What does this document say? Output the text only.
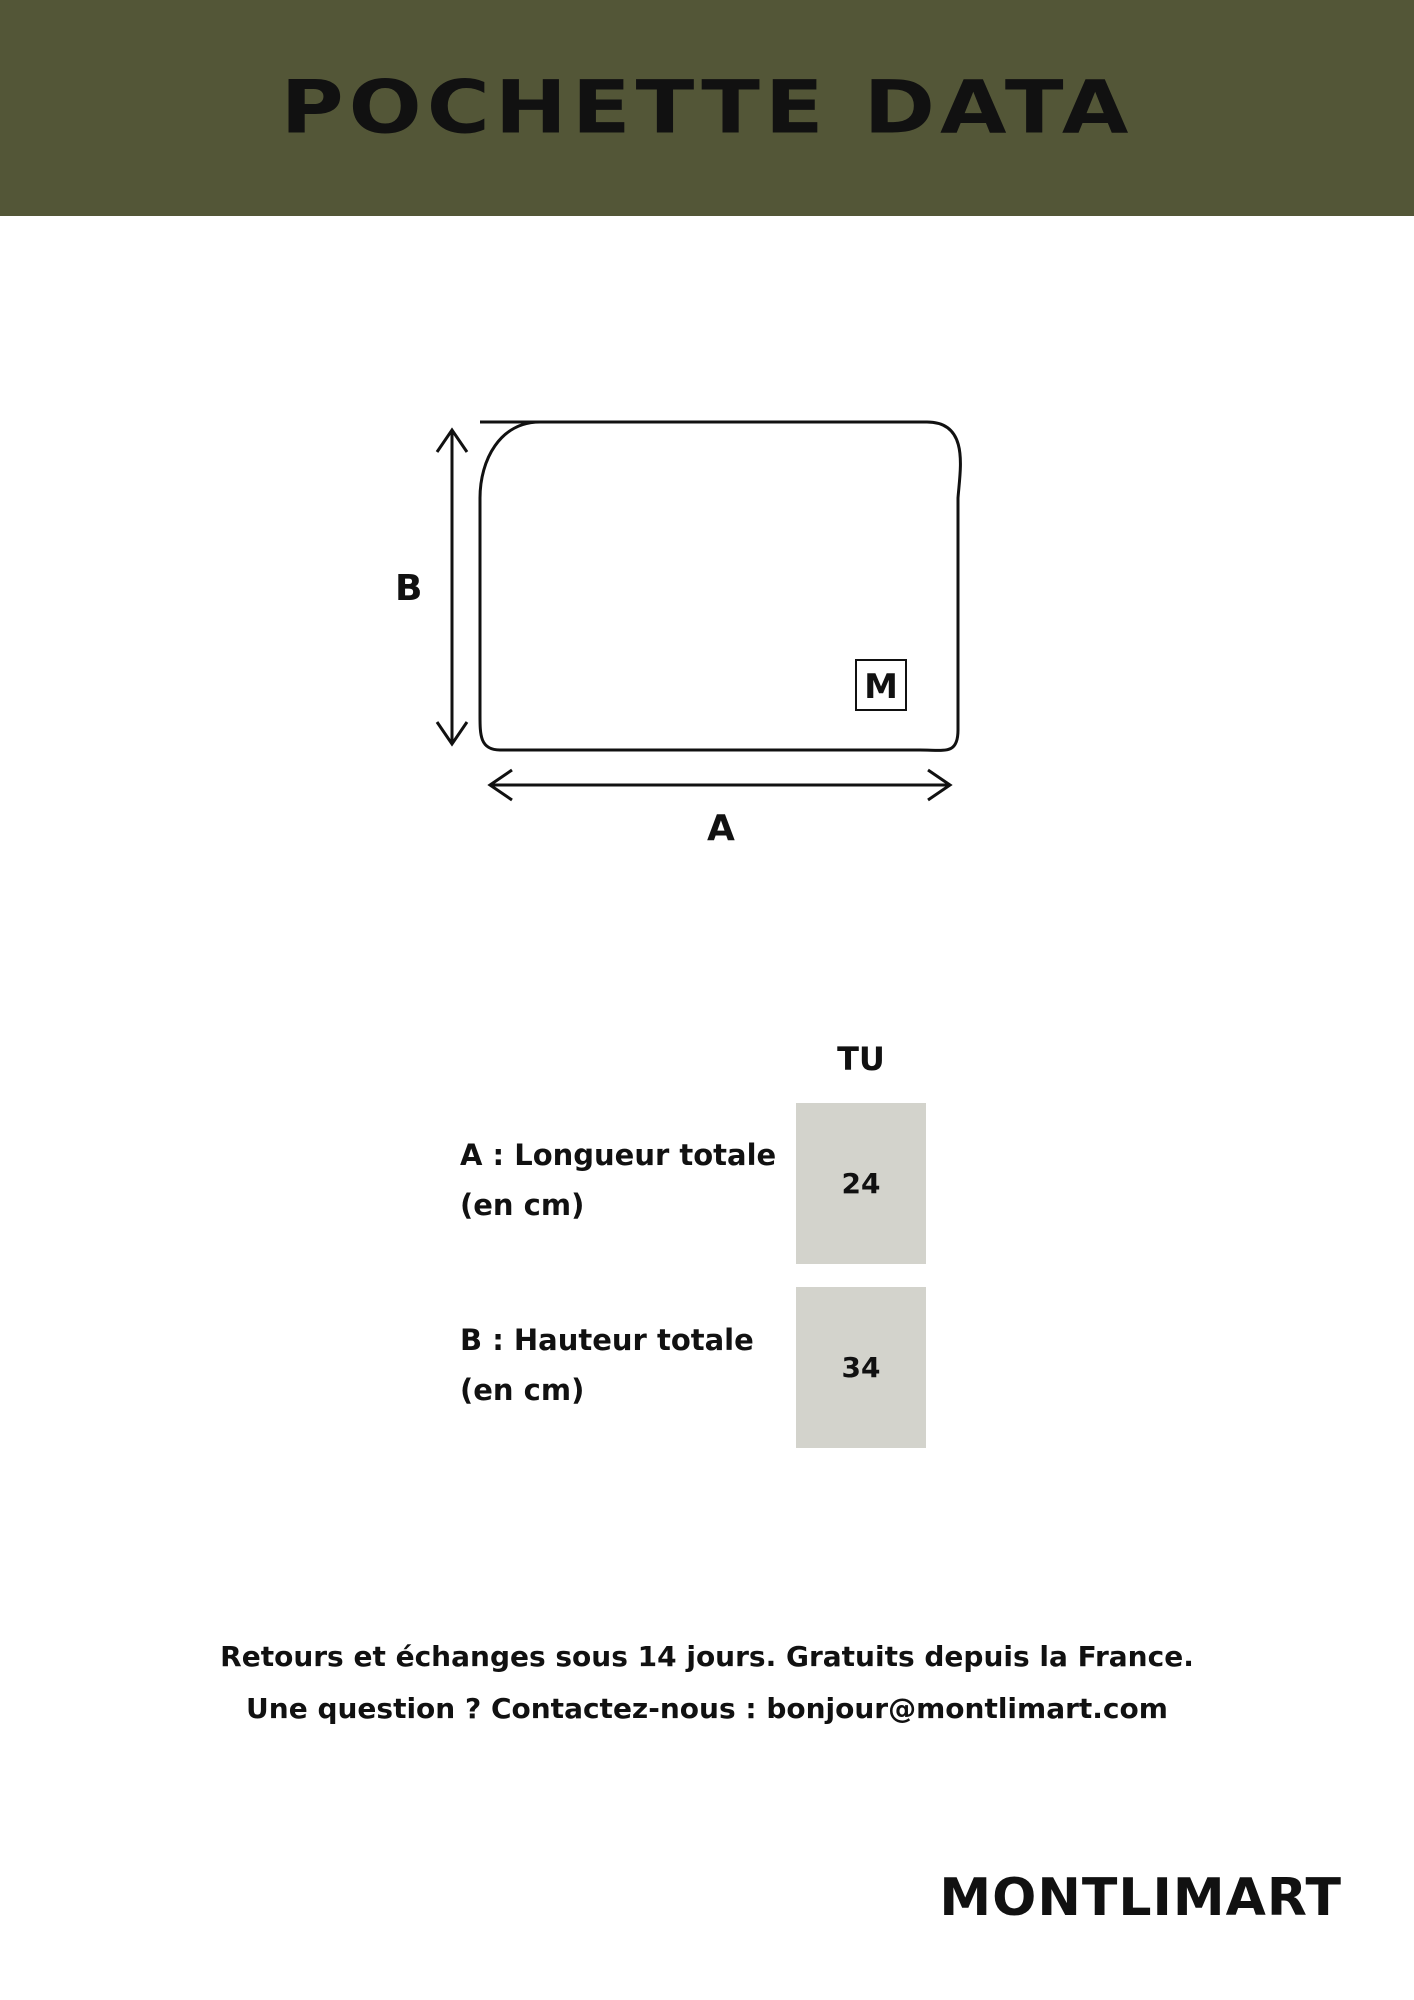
POCHETTE DATA
M
B
A
TU
A : Longueur totale
(en cm)
24
B : Hauteur totale
(en cm)
34
Retours et échanges sous 14 jours. Gratuits depuis la France.
Une question ? Contactez-nous : bonjour@montlimart.com
MONTLIMART
